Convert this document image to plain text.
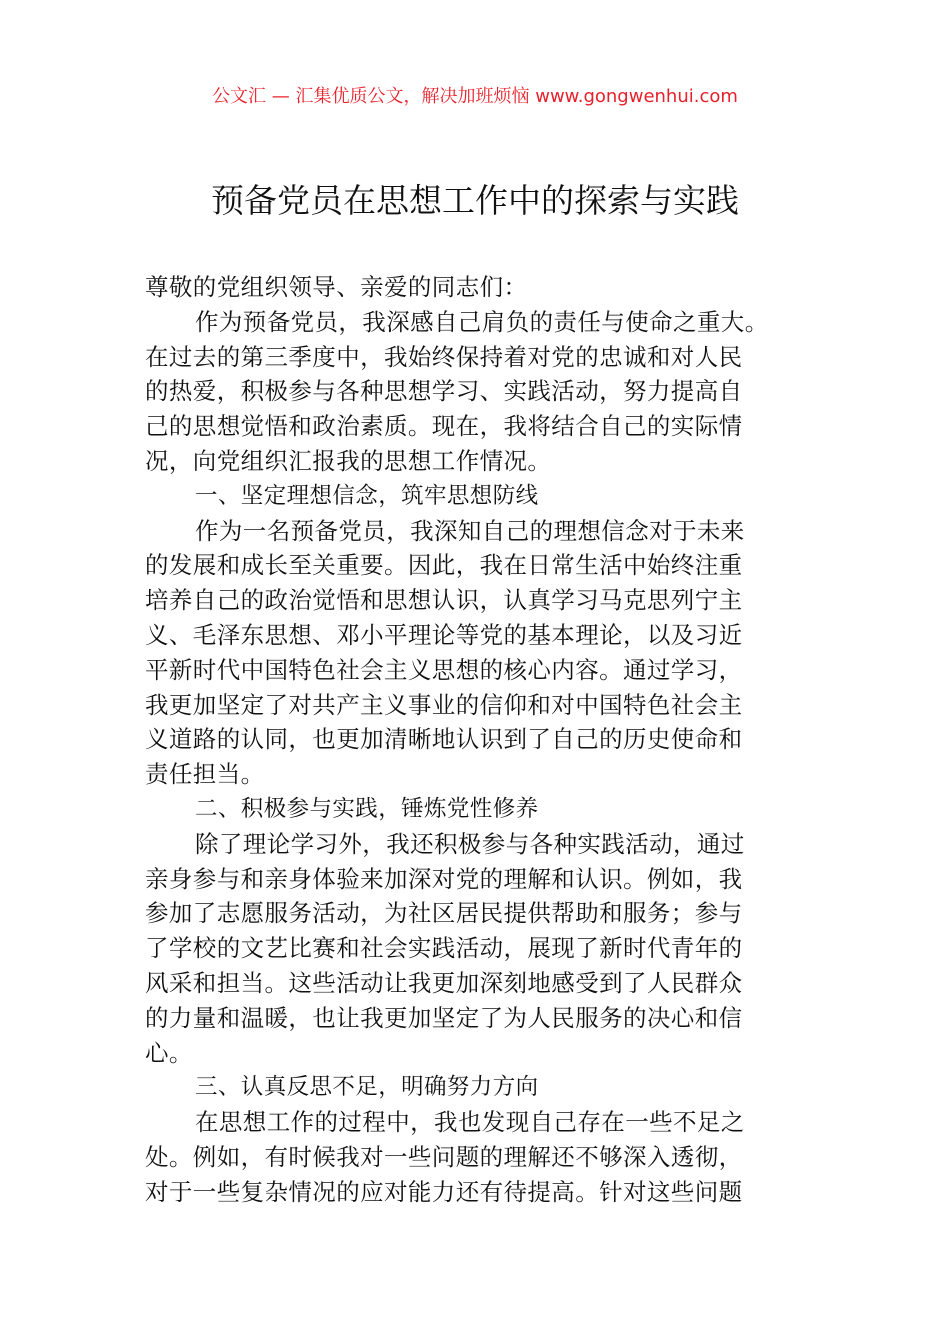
公文汇 — 汇集优质公文，解决加班烦恼 www.gongwenhui.com
预备党员在思想工作中的探索与实践
尊敬的党组织领导、亲爱的同志们：
作为预备党员，我深感自己肩负的责任与使命之重大。
在过去的第三季度中，我始终保持着对党的忠诚和对人民
的热爱，积极参与各种思想学习、实践活动，努力提高自
己的思想觉悟和政治素质。现在，我将结合自己的实际情
况，向党组织汇报我的思想工作情况。
一、坚定理想信念，筑牢思想防线
作为一名预备党员，我深知自己的理想信念对于未来
的发展和成长至关重要。因此，我在日常生活中始终注重
培养自己的政治觉悟和思想认识，认真学习马克思列宁主
义、毛泽东思想、邓小平理论等党的基本理论，以及习近
平新时代中国特色社会主义思想的核心内容。通过学习，
我更加坚定了对共产主义事业的信仰和对中国特色社会主
义道路的认同，也更加清晰地认识到了自己的历史使命和
责任担当。
二、积极参与实践，锤炼党性修养
除了理论学习外，我还积极参与各种实践活动，通过
亲身参与和亲身体验来加深对党的理解和认识。例如，我
参加了志愿服务活动，为社区居民提供帮助和服务；参与
了学校的文艺比赛和社会实践活动，展现了新时代青年的
风采和担当。这些活动让我更加深刻地感受到了人民群众
的力量和温暖，也让我更加坚定了为人民服务的决心和信
心。
三、认真反思不足，明确努力方向
在思想工作的过程中，我也发现自己存在一些不足之
处。例如，有时候我对一些问题的理解还不够深入透彻，
对于一些复杂情况的应对能力还有待提高。针对这些问题
